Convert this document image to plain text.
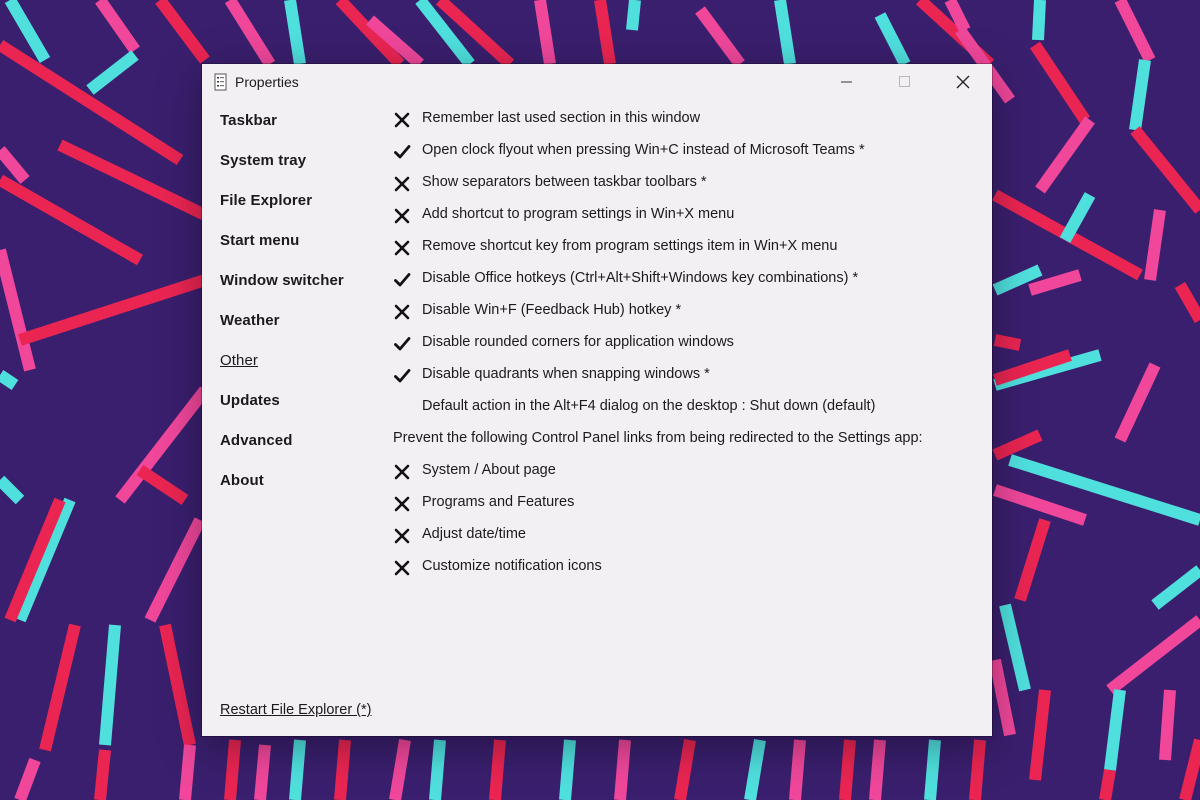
Properties
Taskbar
System tray
File Explorer
Start menu
Window switcher
Weather
Other
Updates
Advanced
About
Remember last used section in this window
Open clock flyout when pressing Win+C instead of Microsoft Teams *
Show separators between taskbar toolbars *
Add shortcut to program settings in Win+X menu
Remove shortcut key from program settings item in Win+X menu
Disable Office hotkeys (Ctrl+Alt+Shift+Windows key combinations) *
Disable Win+F (Feedback Hub) hotkey *
Disable rounded corners for application windows
Disable quadrants when snapping windows *
Default action in the Alt+F4 dialog on the desktop : Shut down (default)
Prevent the following Control Panel links from being redirected to the Settings app:
System / About page
Programs and Features
Adjust date/time
Customize notification icons
Restart File Explorer (*)
